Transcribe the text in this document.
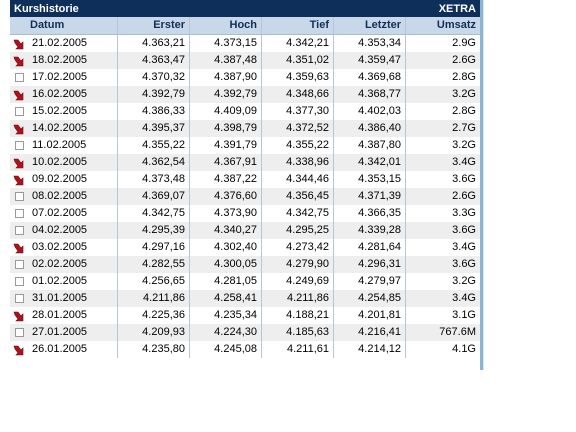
Kurshistorie	XETRA
Datum	Erster	Hoch	Tief	Letzter	Umsatz
21.02.2005	4.363,21	4.373,15	4.342,21	4.353,34	2.9G
18.02.2005	4.363,47	4.387,48	4.351,02	4.359,47	2.6G
17.02.2005	4.370,32	4.387,90	4.359,63	4.369,68	2.8G
16.02.2005	4.392,79	4.392,79	4.348,66	4.368,77	3.2G
15.02.2005	4.386,33	4.409,09	4.377,30	4.402,03	2.8G
14.02.2005	4.395,37	4.398,79	4.372,52	4.386,40	2.7G
11.02.2005	4.355,22	4.391,79	4.355,22	4.387,80	3.2G
10.02.2005	4.362,54	4.367,91	4.338,96	4.342,01	3.4G
09.02.2005	4.373,48	4.387,22	4.344,46	4.353,15	3.6G
08.02.2005	4.369,07	4.376,60	4.356,45	4.371,39	2.6G
07.02.2005	4.342,75	4.373,90	4.342,75	4.366,35	3.3G
04.02.2005	4.295,39	4.340,27	4.295,25	4.339,28	3.6G
03.02.2005	4.297,16	4.302,40	4.273,42	4.281,64	3.4G
02.02.2005	4.282,55	4.300,05	4.279,90	4.296,31	3.6G
01.02.2005	4.256,65	4.281,05	4.249,69	4.279,97	3.2G
31.01.2005	4.211,86	4.258,41	4.211,86	4.254,85	3.4G
28.01.2005	4.225,36	4.235,34	4.188,21	4.201,81	3.1G
27.01.2005	4.209,93	4.224,30	4.185,63	4.216,41	767.6M
26.01.2005	4.235,80	4.245,08	4.211,61	4.214,12	4.1G
